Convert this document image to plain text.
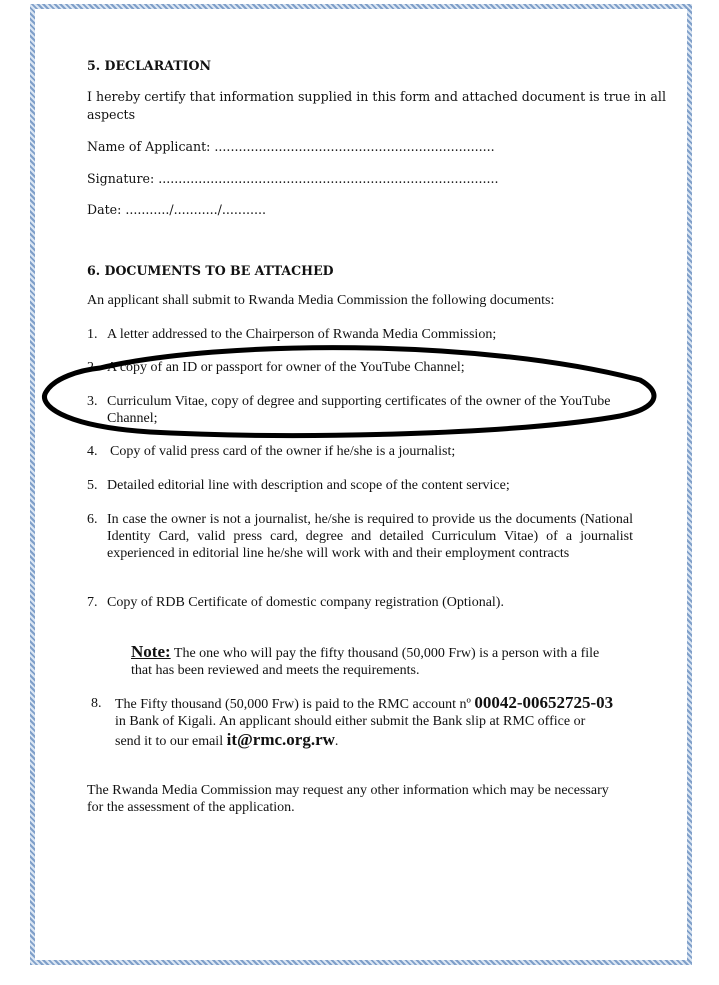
5. DECLARATION
I hereby certify that information supplied in this form and attached document is true in all
aspects
Name of Applicant: ......................................................................
Signature: .....................................................................................
Date: .........../.........../...........
6. DOCUMENTS TO BE ATTACHED
An applicant shall submit to Rwanda Media Commission the following documents:
1. A letter addressed to the Chairperson of Rwanda Media Commission;
2. A copy of an ID or passport for owner of the YouTube Channel;
3. Curriculum Vitae, copy of degree and supporting certificates of the owner of the YouTube
Channel;
4. Copy of valid press card of the owner if he/she is a journalist;
5. Detailed editorial line with description and scope of the content service;
6. In case the owner is not a journalist, he/she is required to provide us the documents (National Identity Card, valid press card, degree and detailed Curriculum Vitae) of a journalist experienced in editorial line he/she will work with and their employment contracts
7. Copy of RDB Certificate of domestic company registration (Optional).
Note: The one who will pay the fifty thousand (50,000 Frw) is a person with a file
that has been reviewed and meets the requirements.
8. The Fifty thousand (50,000 Frw) is paid to the RMC account nº 00042-00652725-03
in Bank of Kigali. An applicant should either submit the Bank slip at RMC office or
send it to our email it@rmc.org.rw.
The Rwanda Media Commission may request any other information which may be necessary
for the assessment of the application.
